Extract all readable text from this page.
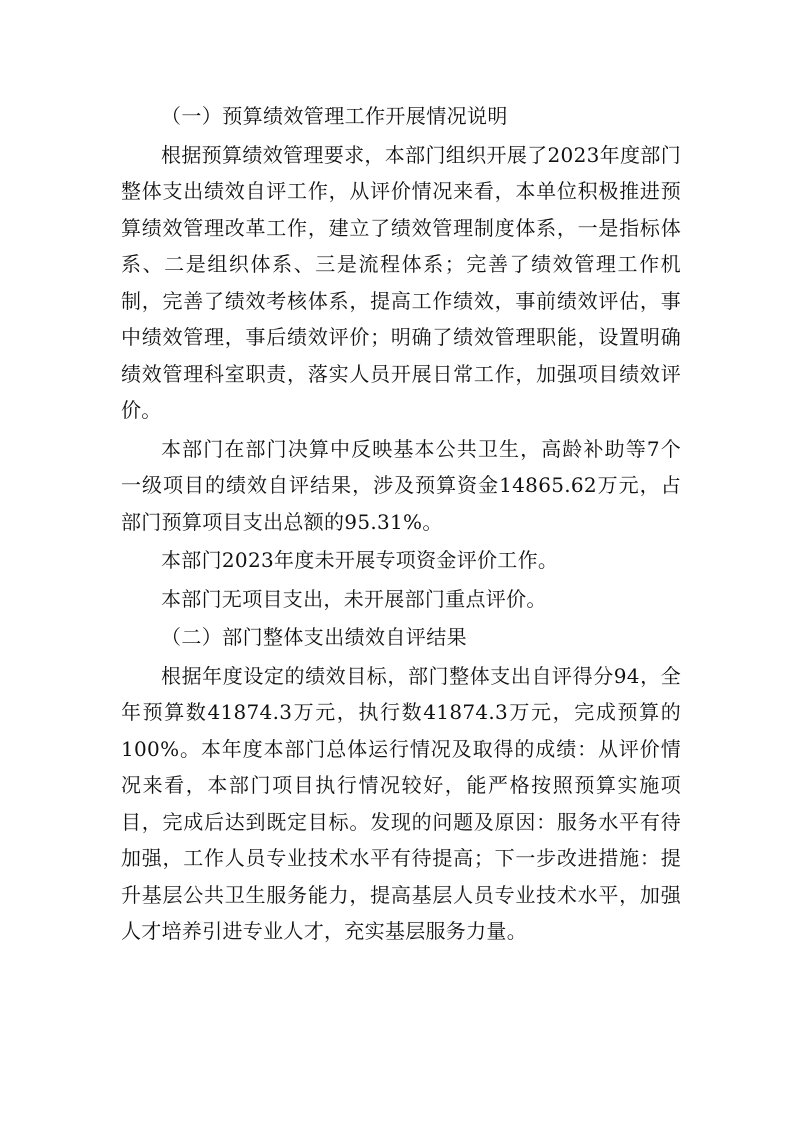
（一）预算绩效管理工作开展情况说明

根据预算绩效管理要求，本部门组织开展了2023年度部门整体支出绩效自评工作，从评价情况来看，本单位积极推进预算绩效管理改革工作，建立了绩效管理制度体系，一是指标体系、二是组织体系、三是流程体系；完善了绩效管理工作机制，完善了绩效考核体系，提高工作绩效，事前绩效评估，事中绩效管理，事后绩效评价；明确了绩效管理职能，设置明确绩效管理科室职责，落实人员开展日常工作，加强项目绩效评价。

本部门在部门决算中反映基本公共卫生，高龄补助等7个一级项目的绩效自评结果，涉及预算资金14865.62万元，占部门预算项目支出总额的95.31%。

本部门2023年度未开展专项资金评价工作。

本部门无项目支出，未开展部门重点评价。

（二）部门整体支出绩效自评结果

根据年度设定的绩效目标，部门整体支出自评得分94，全年预算数41874.3万元，执行数41874.3万元，完成预算的100%。本年度本部门总体运行情况及取得的成绩：从评价情况来看，本部门项目执行情况较好，能严格按照预算实施项目，完成后达到既定目标。发现的问题及原因：服务水平有待加强，工作人员专业技术水平有待提高；下一步改进措施：提升基层公共卫生服务能力，提高基层人员专业技术水平，加强人才培养引进专业人才，充实基层服务力量。
